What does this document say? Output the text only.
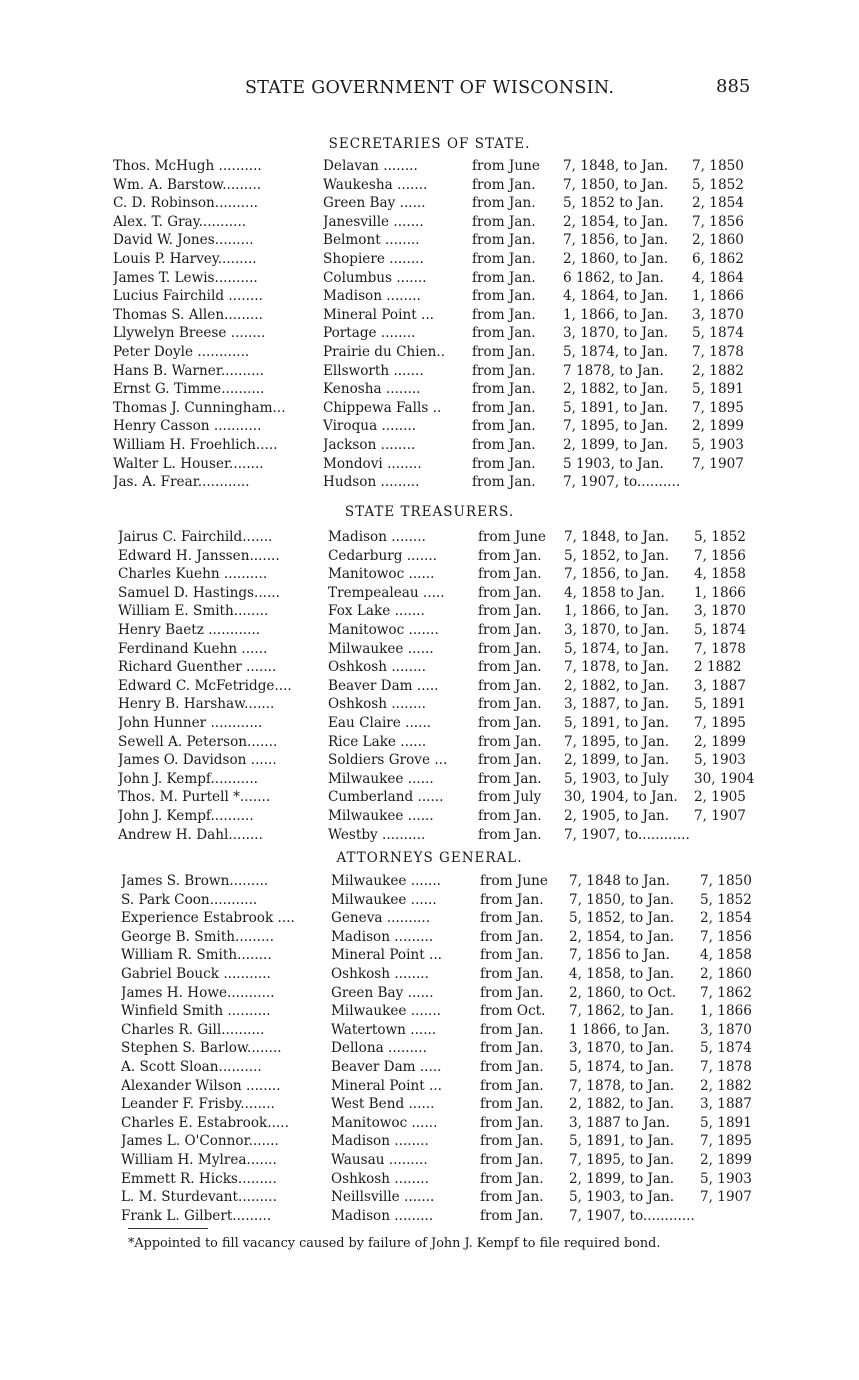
STATE GOVERNMENT OF WISCONSIN.	885
SECRETARIES OF STATE.
Thos. McHugh ..........	Delavan ........	from June	7, 1848, to Jan.	7, 1850
Wm. A. Barstow.........	Waukesha .......	from Jan.	7, 1850, to Jan.	5, 1852
C. D. Robinson..........	Green Bay ......	from Jan.	5, 1852 to Jan.	2, 1854
Alex. T. Gray...........	Janesville .......	from Jan.	2, 1854, to Jan.	7, 1856
David W. Jones.........	Belmont ........	from Jan.	7, 1856, to Jan.	2, 1860
Louis P. Harvey.........	Shopiere ........	from Jan.	2, 1860, to Jan.	6, 1862
James T. Lewis..........	Columbus .......	from Jan.	6 1862, to Jan.	4, 1864
Lucius Fairchild ........	Madison ........	from Jan.	4, 1864, to Jan.	1, 1866
Thomas S. Allen.........	Mineral Point ...	from Jan.	1, 1866, to Jan.	3, 1870
Llywelyn Breese ........	Portage ........	from Jan.	3, 1870, to Jan.	5, 1874
Peter Doyle ............	Prairie du Chien..	from Jan.	5, 1874, to Jan.	7, 1878
Hans B. Warner..........	Ellsworth .......	from Jan.	7 1878, to Jan.	2, 1882
Ernst G. Timme..........	Kenosha ........	from Jan.	2, 1882, to Jan.	5, 1891
Thomas J. Cunningham...	Chippewa Falls ..	from Jan.	5, 1891, to Jan.	7, 1895
Henry Casson ...........	Viroqua ........	from Jan.	7, 1895, to Jan.	2, 1899
William H. Froehlich.....	Jackson ........	from Jan.	2, 1899, to Jan.	5, 1903
Walter L. Houser........	Mondovi ........	from Jan.	5 1903, to Jan.	7, 1907
Jas. A. Frear............	Hudson .........	from Jan.	7, 1907, to..........
STATE TREASURERS.
Jairus C. Fairchild.......	Madison ........	from June	7, 1848, to Jan.	5, 1852
Edward H. Janssen.......	Cedarburg .......	from Jan.	5, 1852, to Jan.	7, 1856
Charles Kuehn ..........	Manitowoc ......	from Jan.	7, 1856, to Jan.	4, 1858
Samuel D. Hastings......	Trempealeau .....	from Jan.	4, 1858 to Jan.	1, 1866
William E. Smith........	Fox Lake .......	from Jan.	1, 1866, to Jan.	3, 1870
Henry Baetz ............	Manitowoc .......	from Jan.	3, 1870, to Jan.	5, 1874
Ferdinand Kuehn ......	Milwaukee ......	from Jan.	5, 1874, to Jan.	7, 1878
Richard Guenther .......	Oshkosh ........	from Jan.	7, 1878, to Jan.	2 1882
Edward C. McFetridge....	Beaver Dam .....	from Jan.	2, 1882, to Jan.	3, 1887
Henry B. Harshaw.......	Oshkosh ........	from Jan.	3, 1887, to Jan.	5, 1891
John Hunner ............	Eau Claire ......	from Jan.	5, 1891, to Jan.	7, 1895
Sewell A. Peterson.......	Rice Lake ......	from Jan.	7, 1895, to Jan.	2, 1899
James O. Davidson ......	Soldiers Grove ...	from Jan.	2, 1899, to Jan.	5, 1903
John J. Kempf...........	Milwaukee ......	from Jan.	5, 1903, to July	30, 1904
Thos. M. Purtell *.......	Cumberland ......	from July	30, 1904, to Jan.	2, 1905
John J. Kempf..........	Milwaukee ......	from Jan.	2, 1905, to Jan.	7, 1907
Andrew H. Dahl........	Westby ..........	from Jan.	7, 1907, to............
ATTORNEYS GENERAL.
James S. Brown.........	Milwaukee .......	from June	7, 1848 to Jan.	7, 1850
S. Park Coon...........	Milwaukee ......	from Jan.	7, 1850, to Jan.	5, 1852
Experience Estabrook ....	Geneva ..........	from Jan.	5, 1852, to Jan.	2, 1854
George B. Smith.........	Madison .........	from Jan.	2, 1854, to Jan.	7, 1856
William R. Smith........	Mineral Point ...	from Jan.	7, 1856 to Jan.	4, 1858
Gabriel Bouck ...........	Oshkosh ........	from Jan.	4, 1858, to Jan.	2, 1860
James H. Howe...........	Green Bay ......	from Jan.	2, 1860, to Oct.	7, 1862
Winfield Smith ..........	Milwaukee .......	from Oct.	7, 1862, to Jan.	1, 1866
Charles R. Gill..........	Watertown ......	from Jan.	1 1866, to Jan.	3, 1870
Stephen S. Barlow........	Dellona .........	from Jan.	3, 1870, to Jan.	5, 1874
A. Scott Sloan..........	Beaver Dam .....	from Jan.	5, 1874, to Jan.	7, 1878
Alexander Wilson ........	Mineral Point ...	from Jan.	7, 1878, to Jan.	2, 1882
Leander F. Frisby........	West Bend ......	from Jan.	2, 1882, to Jan.	3, 1887
Charles E. Estabrook.....	Manitowoc ......	from Jan.	3, 1887 to Jan.	5, 1891
James L. O'Connor.......	Madison ........	from Jan.	5, 1891, to Jan.	7, 1895
William H. Mylrea.......	Wausau .........	from Jan.	7, 1895, to Jan.	2, 1899
Emmett R. Hicks.........	Oshkosh ........	from Jan.	2, 1899, to Jan.	5, 1903
L. M. Sturdevant.........	Neillsville .......	from Jan.	5, 1903, to Jan.	7, 1907
Frank L. Gilbert.........	Madison .........	from Jan.	7, 1907, to............
*Appointed to fill vacancy caused by failure of John J. Kempf to file required bond.
